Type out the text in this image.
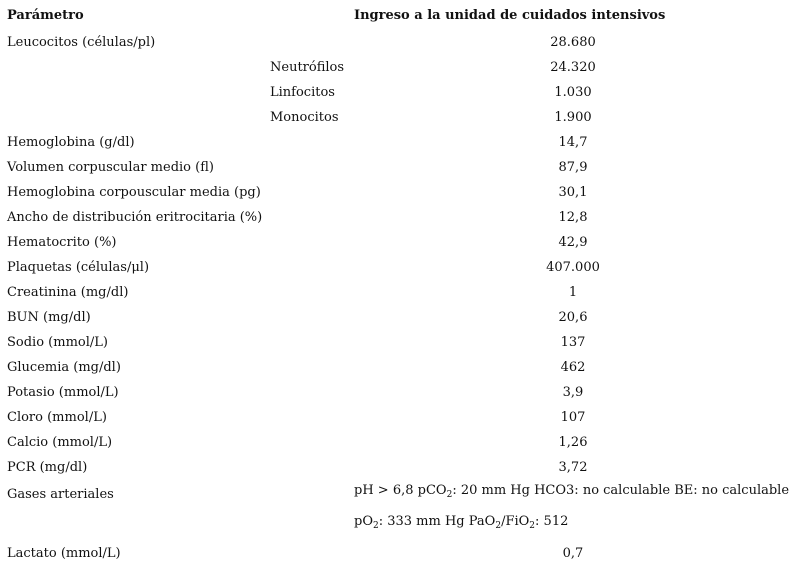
Parámetro	Ingreso a la unidad de cuidados intensivos
Leucocitos (células/pl)	28.680
Neutrófilos	24.320
Linfocitos	1.030
Monocitos	1.900
Hemoglobina (g/dl)	14,7
Volumen corpuscular medio (fl)	87,9
Hemoglobina corpouscular media (pg)	30,1
Ancho de distribución eritrocitaria (%)	12,8
Hematocrito (%)	42,9
Plaquetas (células/μl)	407.000
Creatinina (mg/dl)	1
BUN (mg/dl)	20,6
Sodio (mmol/L)	137
Glucemia (mg/dl)	462
Potasio (mmol/L)	3,9
Cloro (mmol/L)	107
Calcio (mmol/L)	1,26
PCR (mg/dl)	3,72
Gases arteriales	pH > 6,8 pCO$_2$: 20 mm Hg HCO3: no calculable BE: no calculable
$pO_2$: 333 mm Hg PaO$_2$/FiO$_2$: 512
Lactato (mmol/L)	0,7
